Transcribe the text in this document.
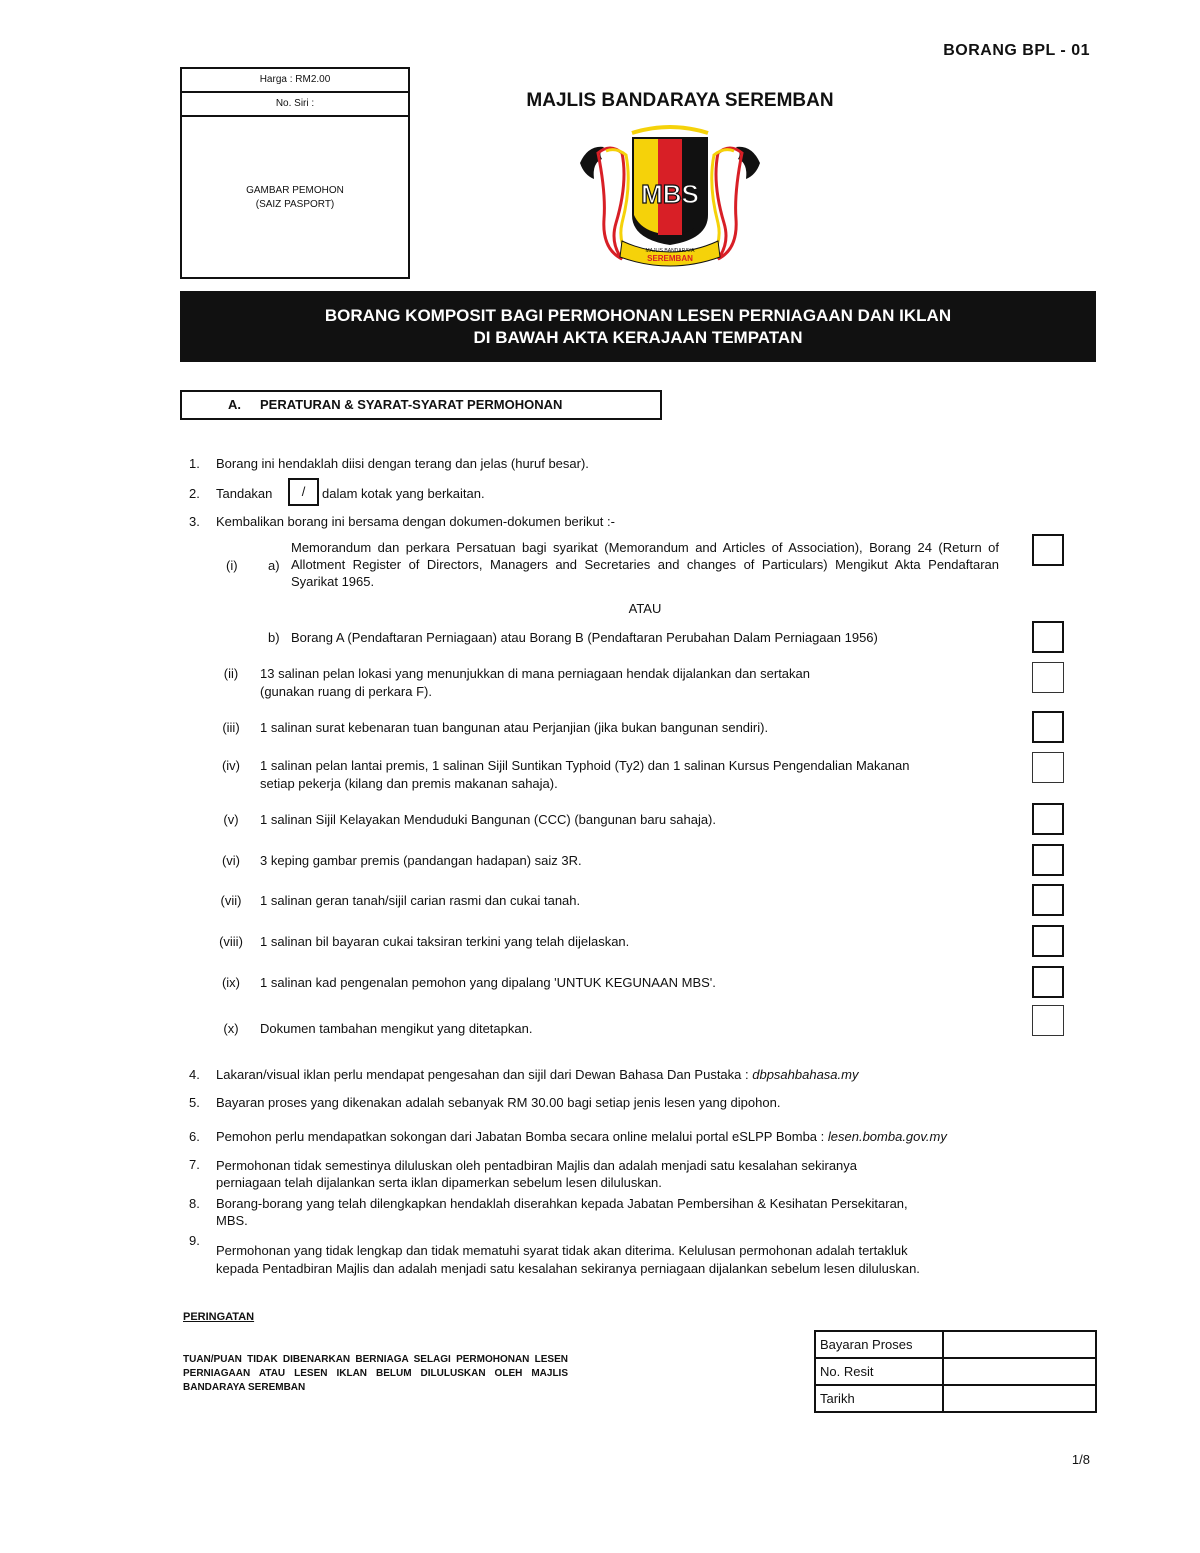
BORANG BPL - 01
Harga : RM2.00
No. Siri :
GAMBAR PEMOHON
(SAIZ PASPORT)
MAJLIS BANDARAYA SEREMBAN
MBS
MAJLIS BANDARAYA
SEREMBAN
BORANG KOMPOSIT BAGI PERMOHONAN LESEN PERNIAGAAN DAN IKLAN
DI BAWAH AKTA KERAJAAN TEMPATAN
A. PERATURAN & SYARAT-SYARAT PERMOHONAN
1.	Borang ini hendaklah diisi dengan terang dan jelas (huruf besar).
2.	Tandakan	/	dalam kotak yang berkaitan.
3.	Kembalikan borang ini bersama dengan dokumen-dokumen berikut :-
(i) a)
Memorandum dan perkara Persatuan bagi syarikat (Memorandum and Articles of Association), Borang 24 (Return of Allotment Register of Directors, Managers and Secretaries and changes of Particulars) Mengikut Akta Pendaftaran Syarikat 1965.
ATAU
b) Borang A (Pendaftaran Perniagaan) atau Borang B (Pendaftaran Perubahan Dalam Perniagaan 1956)
(ii)	13 salinan pelan lokasi yang menunjukkan di mana perniagaan hendak dijalankan dan sertakan
(gunakan ruang di perkara F).
(iii)	1 salinan surat kebenaran tuan bangunan atau Perjanjian (jika bukan bangunan sendiri).
(iv)	1 salinan pelan lantai premis, 1 salinan Sijil Suntikan Typhoid (Ty2) dan 1 salinan Kursus Pengendalian Makanan
setiap pekerja (kilang dan premis makanan sahaja).
(v)	1 salinan Sijil Kelayakan Menduduki Bangunan (CCC) (bangunan baru sahaja).
(vi)	3 keping gambar premis (pandangan hadapan) saiz 3R.
(vii)	1 salinan geran tanah/sijil carian rasmi dan cukai tanah.
(viii)	1 salinan bil bayaran cukai taksiran terkini yang telah dijelaskan.
(ix)	1 salinan kad pengenalan pemohon yang dipalang 'UNTUK KEGUNAAN MBS'.
(x)	Dokumen tambahan mengikut yang ditetapkan.
4.	Lakaran/visual iklan perlu mendapat pengesahan dan sijil dari Dewan Bahasa Dan Pustaka : dbpsahbahasa.my
5.	Bayaran proses yang dikenakan adalah sebanyak RM 30.00 bagi setiap jenis lesen yang dipohon.
6.	Pemohon perlu mendapatkan sokongan dari Jabatan Bomba secara online melalui portal eSLPP Bomba : lesen.bomba.gov.my
7.	Permohonan tidak semestinya diluluskan oleh pentadbiran Majlis dan adalah menjadi satu kesalahan sekiranya
perniagaan telah dijalankan serta iklan dipamerkan sebelum lesen diluluskan.
8.	Borang-borang yang telah dilengkapkan hendaklah diserahkan kepada Jabatan Pembersihan & Kesihatan Persekitaran,
MBS.
9.
Permohonan yang tidak lengkap dan tidak mematuhi syarat tidak akan diterima. Kelulusan permohonan adalah tertakluk
kepada Pentadbiran Majlis dan adalah menjadi satu kesalahan sekiranya perniagaan dijalankan sebelum lesen diluluskan.
PERINGATAN
TUAN/PUAN TIDAK DIBENARKAN BERNIAGA SELAGI PERMOHONAN LESEN PERNIAGAAN ATAU LESEN IKLAN BELUM DILULUSKAN OLEH MAJLIS BANDARAYA SEREMBAN
Bayaran Proses	
No. Resit	
Tarikh	
1/8
